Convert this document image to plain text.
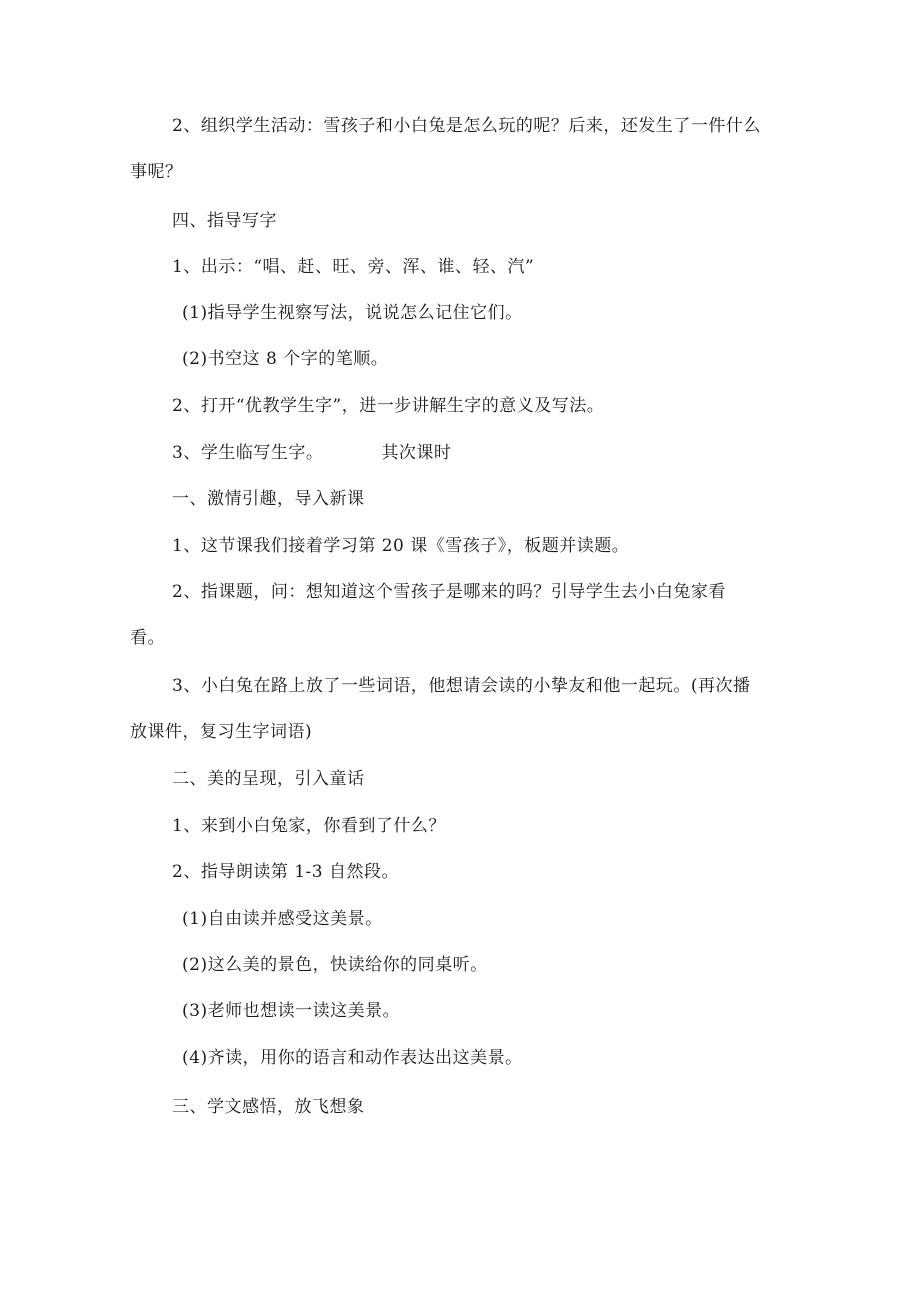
2、组织学生活动：雪孩子和小白兔是怎么玩的呢？后来，还发生了一件什么
事呢？
四、指导写字
1、出示：“唱、赶、旺、旁、浑、谁、轻、汽”
(1)指导学生视察写法，说说怎么记住它们。
(2)书空这 8 个字的笔顺。
2、打开“优教学生字”，进一步讲解生字的意义及写法。
3、学生临写生字。	其次课时
一、激情引趣，导入新课
1、这节课我们接着学习第 20 课《雪孩子》，板题并读题。
2、指课题，问：想知道这个雪孩子是哪来的吗？引导学生去小白兔家看
看。
3、小白兔在路上放了一些词语，他想请会读的小挚友和他一起玩。(再次播
放课件，复习生字词语)
二、美的呈现，引入童话
1、来到小白兔家，你看到了什么？
2、指导朗读第 1-3 自然段。
(1)自由读并感受这美景。
(2)这么美的景色，快读给你的同桌听。
(3)老师也想读一读这美景。
(4)齐读，用你的语言和动作表达出这美景。
三、学文感悟，放飞想象
